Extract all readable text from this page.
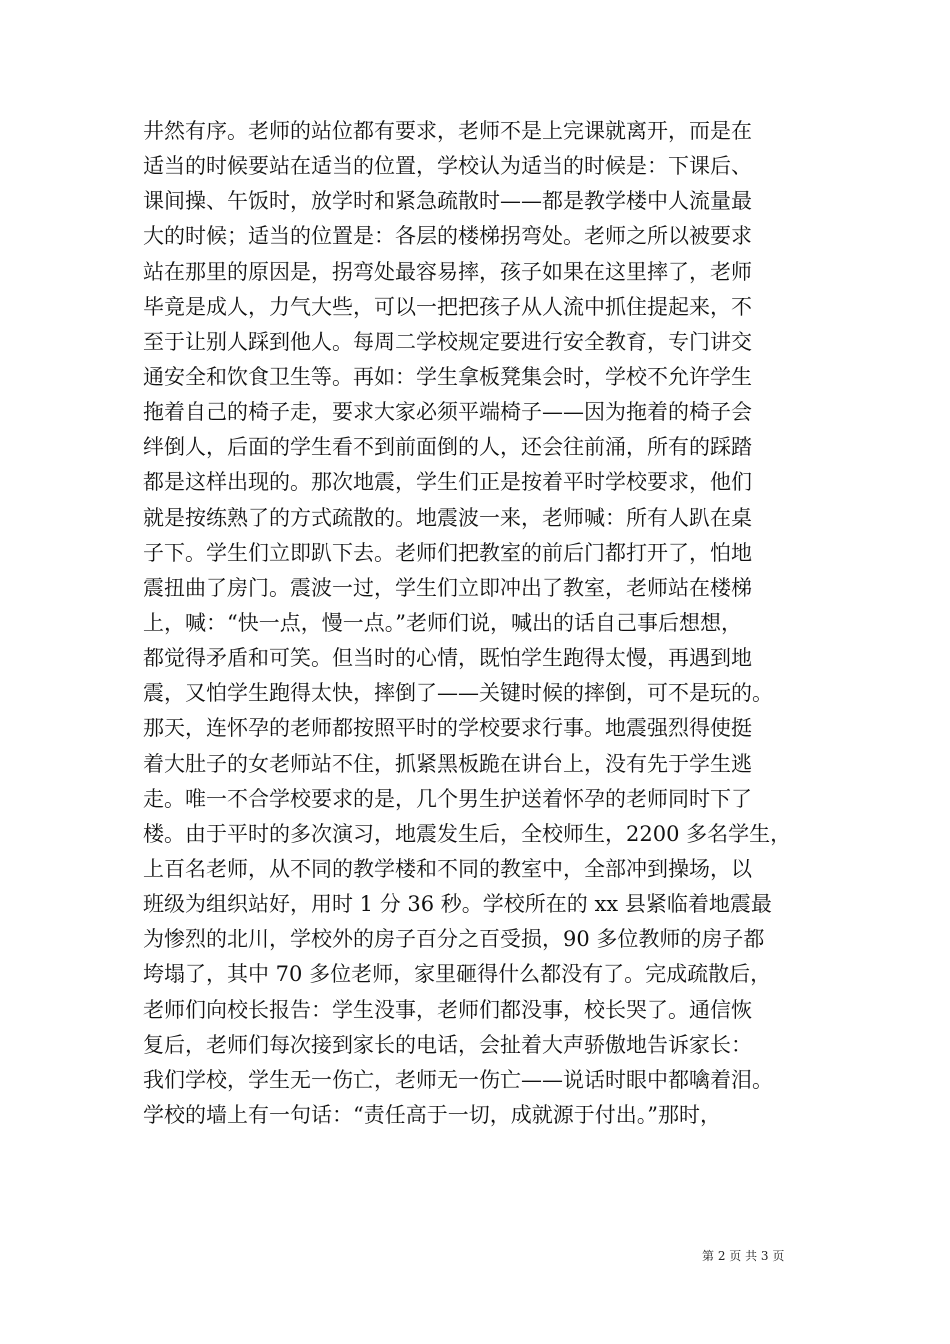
井然有序。老师的站位都有要求，老师不是上完课就离开，而是在
适当的时候要站在适当的位置，学校认为适当的时候是：下课后、
课间操、午饭时，放学时和紧急疏散时——都是教学楼中人流量最
大的时候；适当的位置是：各层的楼梯拐弯处。老师之所以被要求
站在那里的原因是，拐弯处最容易摔，孩子如果在这里摔了，老师
毕竟是成人，力气大些，可以一把把孩子从人流中抓住提起来，不
至于让别人踩到他人。每周二学校规定要进行安全教育，专门讲交
通安全和饮食卫生等。再如：学生拿板凳集会时，学校不允许学生
拖着自己的椅子走，要求大家必须平端椅子——因为拖着的椅子会
绊倒人，后面的学生看不到前面倒的人，还会往前涌，所有的踩踏
都是这样出现的。那次地震，学生们正是按着平时学校要求，他们
就是按练熟了的方式疏散的。地震波一来，老师喊：所有人趴在桌
子下。学生们立即趴下去。老师们把教室的前后门都打开了，怕地
震扭曲了房门。震波一过，学生们立即冲出了教室，老师站在楼梯
上，喊：“快一点，慢一点。”老师们说，喊出的话自己事后想想，
都觉得矛盾和可笑。但当时的心情，既怕学生跑得太慢，再遇到地
震，又怕学生跑得太快，摔倒了——关键时候的摔倒，可不是玩的。
那天，连怀孕的老师都按照平时的学校要求行事。地震强烈得使挺
着大肚子的女老师站不住，抓紧黑板跪在讲台上，没有先于学生逃
走。唯一不合学校要求的是，几个男生护送着怀孕的老师同时下了
楼。由于平时的多次演习，地震发生后，全校师生，2200 多名学生，
上百名老师，从不同的教学楼和不同的教室中，全部冲到操场，以
班级为组织站好，用时 1 分 36 秒。学校所在的 xx 县紧临着地震最
为惨烈的北川，学校外的房子百分之百受损，90 多位教师的房子都
垮塌了，其中 70 多位老师，家里砸得什么都没有了。完成疏散后，
老师们向校长报告：学生没事，老师们都没事，校长哭了。通信恢
复后，老师们每次接到家长的电话，会扯着大声骄傲地告诉家长：
我们学校，学生无一伤亡，老师无一伤亡——说话时眼中都噙着泪。
学校的墙上有一句话：“责任高于一切，成就源于付出。”那时，
第 2 页 共 3 页
